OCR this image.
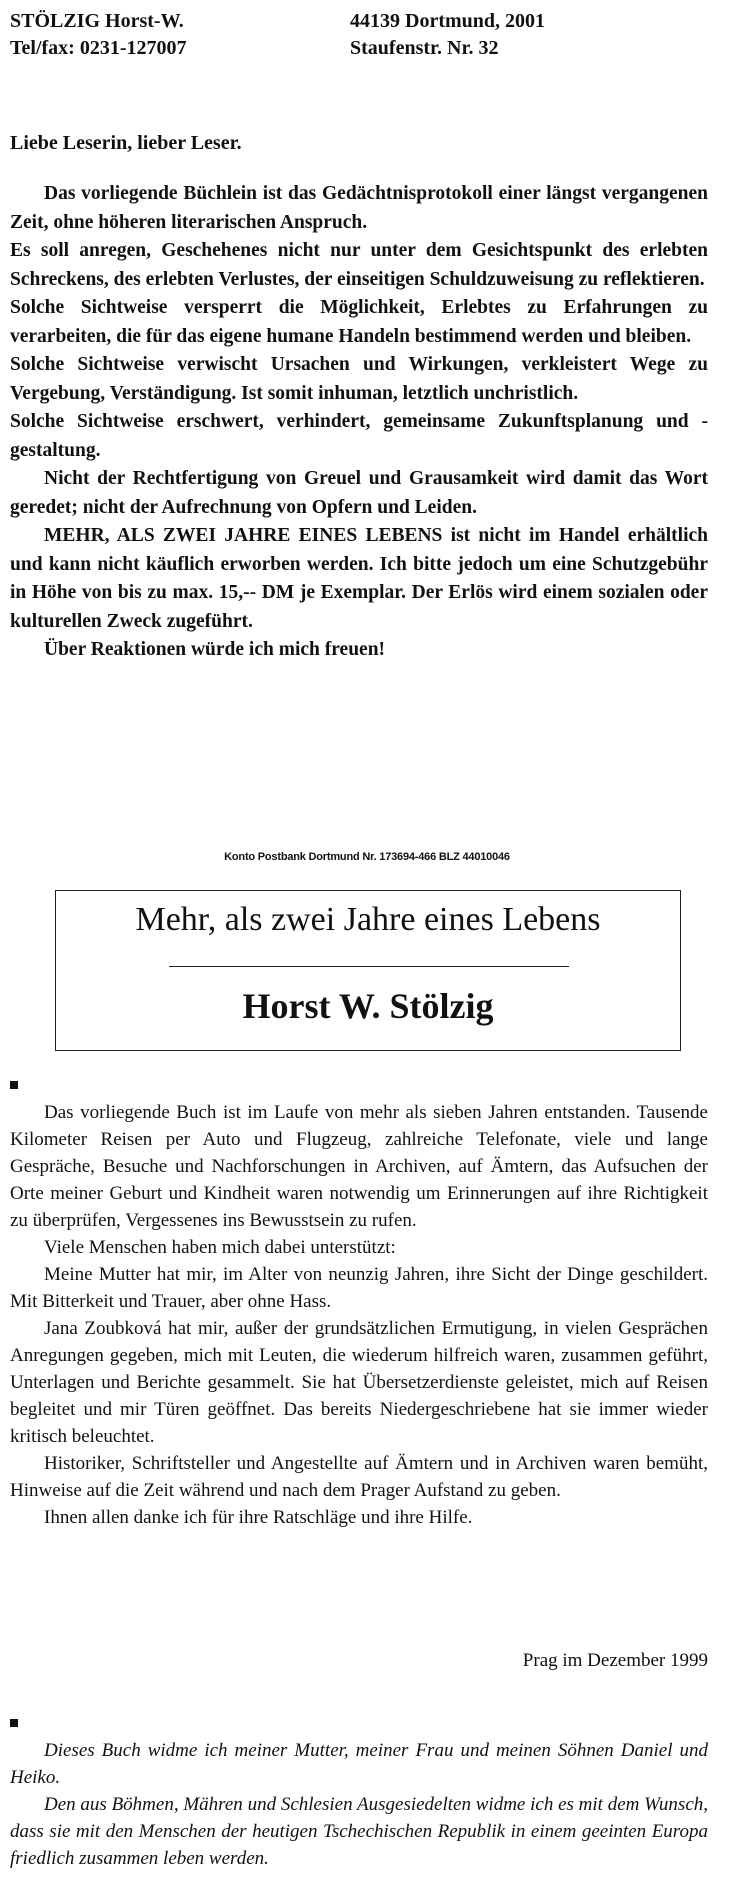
STÖLZIG Horst-W.
Tel/fax: 0231-127007
44139 Dortmund, 2001
Staufenstr. Nr. 32
Liebe Leserin, lieber Leser.

Das vorliegende Büchlein ist das Gedächtnisprotokoll einer längst vergangenen Zeit, ohne höheren literarischen Anspruch.

Es soll anregen, Geschehenes nicht nur unter dem Gesichtspunkt des erlebten Schreckens, des erlebten Verlustes, der einseitigen Schuldzuweisung zu reflektieren.

Solche Sichtweise versperrt die Möglichkeit, Erlebtes zu Erfahrungen zu verarbeiten, die für das eigene humane Handeln bestimmend werden und bleiben.

Solche Sichtweise verwischt Ursachen und Wirkungen, verkleistert Wege zu Vergebung, Verständigung. Ist somit inhuman, letztlich unchristlich.

Solche Sichtweise erschwert, verhindert, gemeinsame Zukunftsplanung und -gestaltung.

Nicht der Rechtfertigung von Greuel und Grausamkeit wird damit das Wort geredet; nicht der Aufrechnung von Opfern und Leiden.

MEHR, ALS ZWEI JAHRE EINES LEBENS ist nicht im Handel erhältlich und kann nicht käuflich erworben werden. Ich bitte jedoch um eine Schutzgebühr in Höhe von bis zu max. 15,-- DM je Exemplar. Der Erlös wird einem sozialen oder kulturellen Zweck zugeführt.

Über Reaktionen würde ich mich freuen!

Konto Postbank Dortmund Nr. 173694-466 BLZ 44010046
Mehr, als zwei Jahre eines Lebens
Horst W. Stölzig

Das vorliegende Buch ist im Laufe von mehr als sieben Jahren entstanden. Tausende Kilometer Reisen per Auto und Flugzeug, zahlreiche Telefonate, viele und lange Gespräche, Besuche und Nachforschungen in Archiven, auf Ämtern, das Aufsuchen der Orte meiner Geburt und Kindheit waren notwendig um Erinnerungen auf ihre Richtigkeit zu überprüfen, Vergessenes ins Bewusstsein zu rufen.

Viele Menschen haben mich dabei unterstützt:

Meine Mutter hat mir, im Alter von neunzig Jahren, ihre Sicht der Dinge geschildert. Mit Bitterkeit und Trauer, aber ohne Hass.

Jana Zoubková hat mir, außer der grundsätzlichen Ermutigung, in vielen Gesprächen Anregungen gegeben, mich mit Leuten, die wiederum hilfreich waren, zusammen geführt, Unterlagen und Berichte gesammelt. Sie hat Übersetzerdienste geleistet, mich auf Reisen begleitet und mir Türen geöffnet. Das bereits Niedergeschriebene hat sie immer wieder kritisch beleuchtet.

Historiker, Schriftsteller und Angestellte auf Ämtern und in Archiven waren bemüht, Hinweise auf die Zeit während und nach dem Prager Aufstand zu geben.

Ihnen allen danke ich für ihre Ratschläge und ihre Hilfe.

Prag im Dezember 1999

Dieses Buch widme ich meiner Mutter, meiner Frau und meinen Söhnen Daniel und Heiko.

Den aus Böhmen, Mähren und Schlesien Ausgesiedelten widme ich es mit dem Wunsch, dass sie mit den Menschen der heutigen Tschechischen Republik in einem geeinten Europa friedlich zusammen leben werden.
